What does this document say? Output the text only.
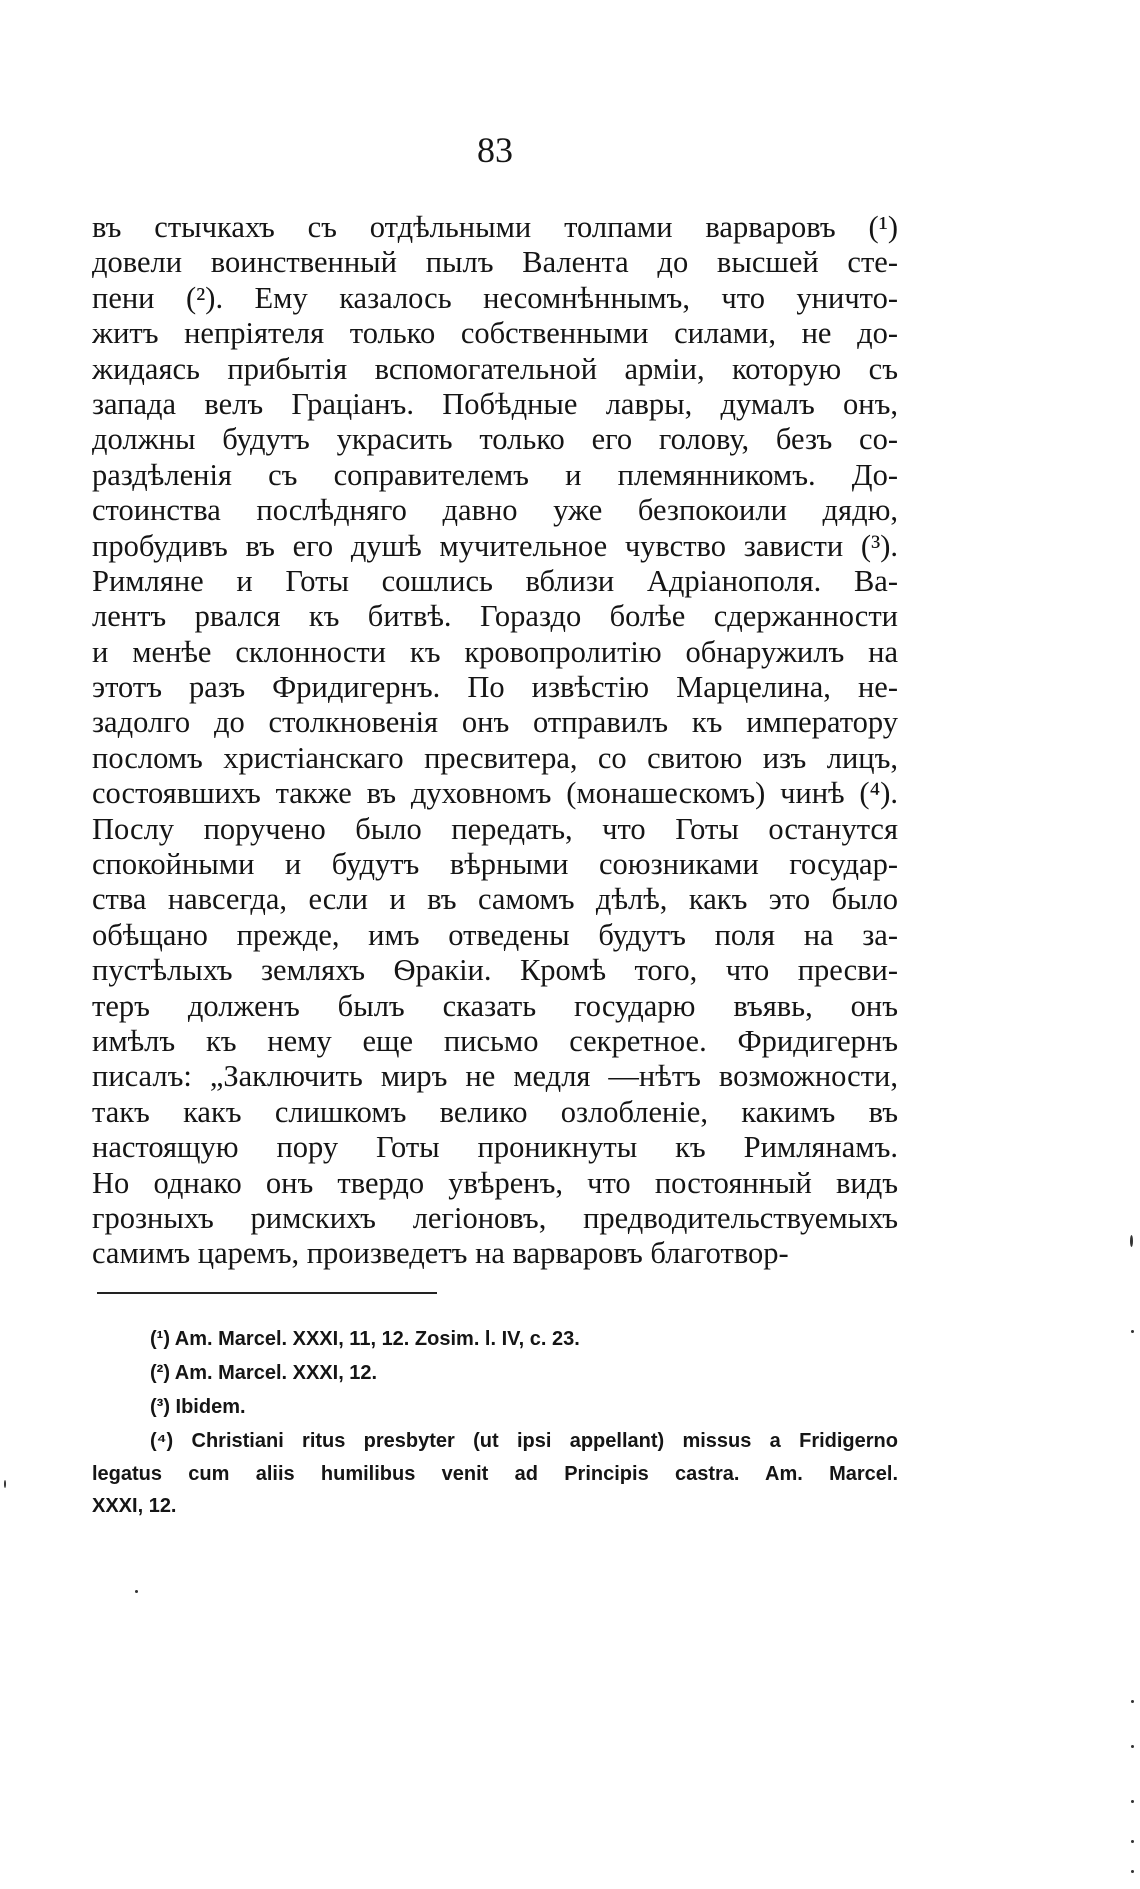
83
въ стычкахъ съ отдѣльными толпами варваровъ (¹)
довели воинственный пылъ Валента до высшей сте-
пени (²). Ему казалось несомнѣннымъ, что уничто-
житъ непріятеля только собственными силами, не до-
жидаясь прибытія вспомогательной арміи, которую съ
запада велъ Граціанъ. Побѣдные лавры, думалъ онъ,
должны будутъ украсить только его голову, безъ со-
раздѣленія съ соправителемъ и племянникомъ. До-
стоинства послѣдняго давно уже безпокоили дядю,
пробудивъ въ его душѣ мучительное чувство зависти (³).
Римляне и Готы сошлись вблизи Адріанополя. Ва-
лентъ рвался къ битвѣ. Гораздо болѣе сдержанности
и менѣе склонности къ кровопролитію обнаружилъ на
этотъ разъ Фридигернъ. По извѣстію Марцелина, не-
задолго до столкновенія онъ отправилъ къ императору
посломъ христіанскаго пресвитера, со свитою изъ лицъ,
состоявшихъ также въ духовномъ (монашескомъ) чинѣ (⁴).
Послу поручено было передать, что Готы останутся
спокойными и будутъ вѣрными союзниками государ-
ства навсегда, если и въ самомъ дѣлѣ, какъ это было
обѣщано прежде, имъ отведены будутъ поля на за-
пустѣлыхъ земляхъ Ѳракіи. Кромѣ того, что пресви-
теръ долженъ былъ сказать государю въявь, онъ
имѣлъ къ нему еще письмо секретное. Фридигернъ
писалъ: „Заключить миръ не медля —нѣтъ возможности,
такъ какъ слишкомъ велико озлобленіе, какимъ въ
настоящую пору Готы проникнуты къ Римлянамъ.
Но однако онъ твердо увѣренъ, что постоянный видъ
грозныхъ римскихъ легіоновъ, предводительствуемыхъ
самимъ царемъ, произведетъ на варваровъ благотвор-
(¹) Am. Marcel. XXXI, 11, 12. Zosim. l. IV, c. 23.
(²) Am. Marcel. XXXI, 12.
(³) Ibidem.
(⁴) Christiani ritus presbyter (ut ipsi appellant) missus a Fridigerno
legatus cum aliis humilibus venit ad Principis castra. Am. Marcel.
XXXI, 12.
